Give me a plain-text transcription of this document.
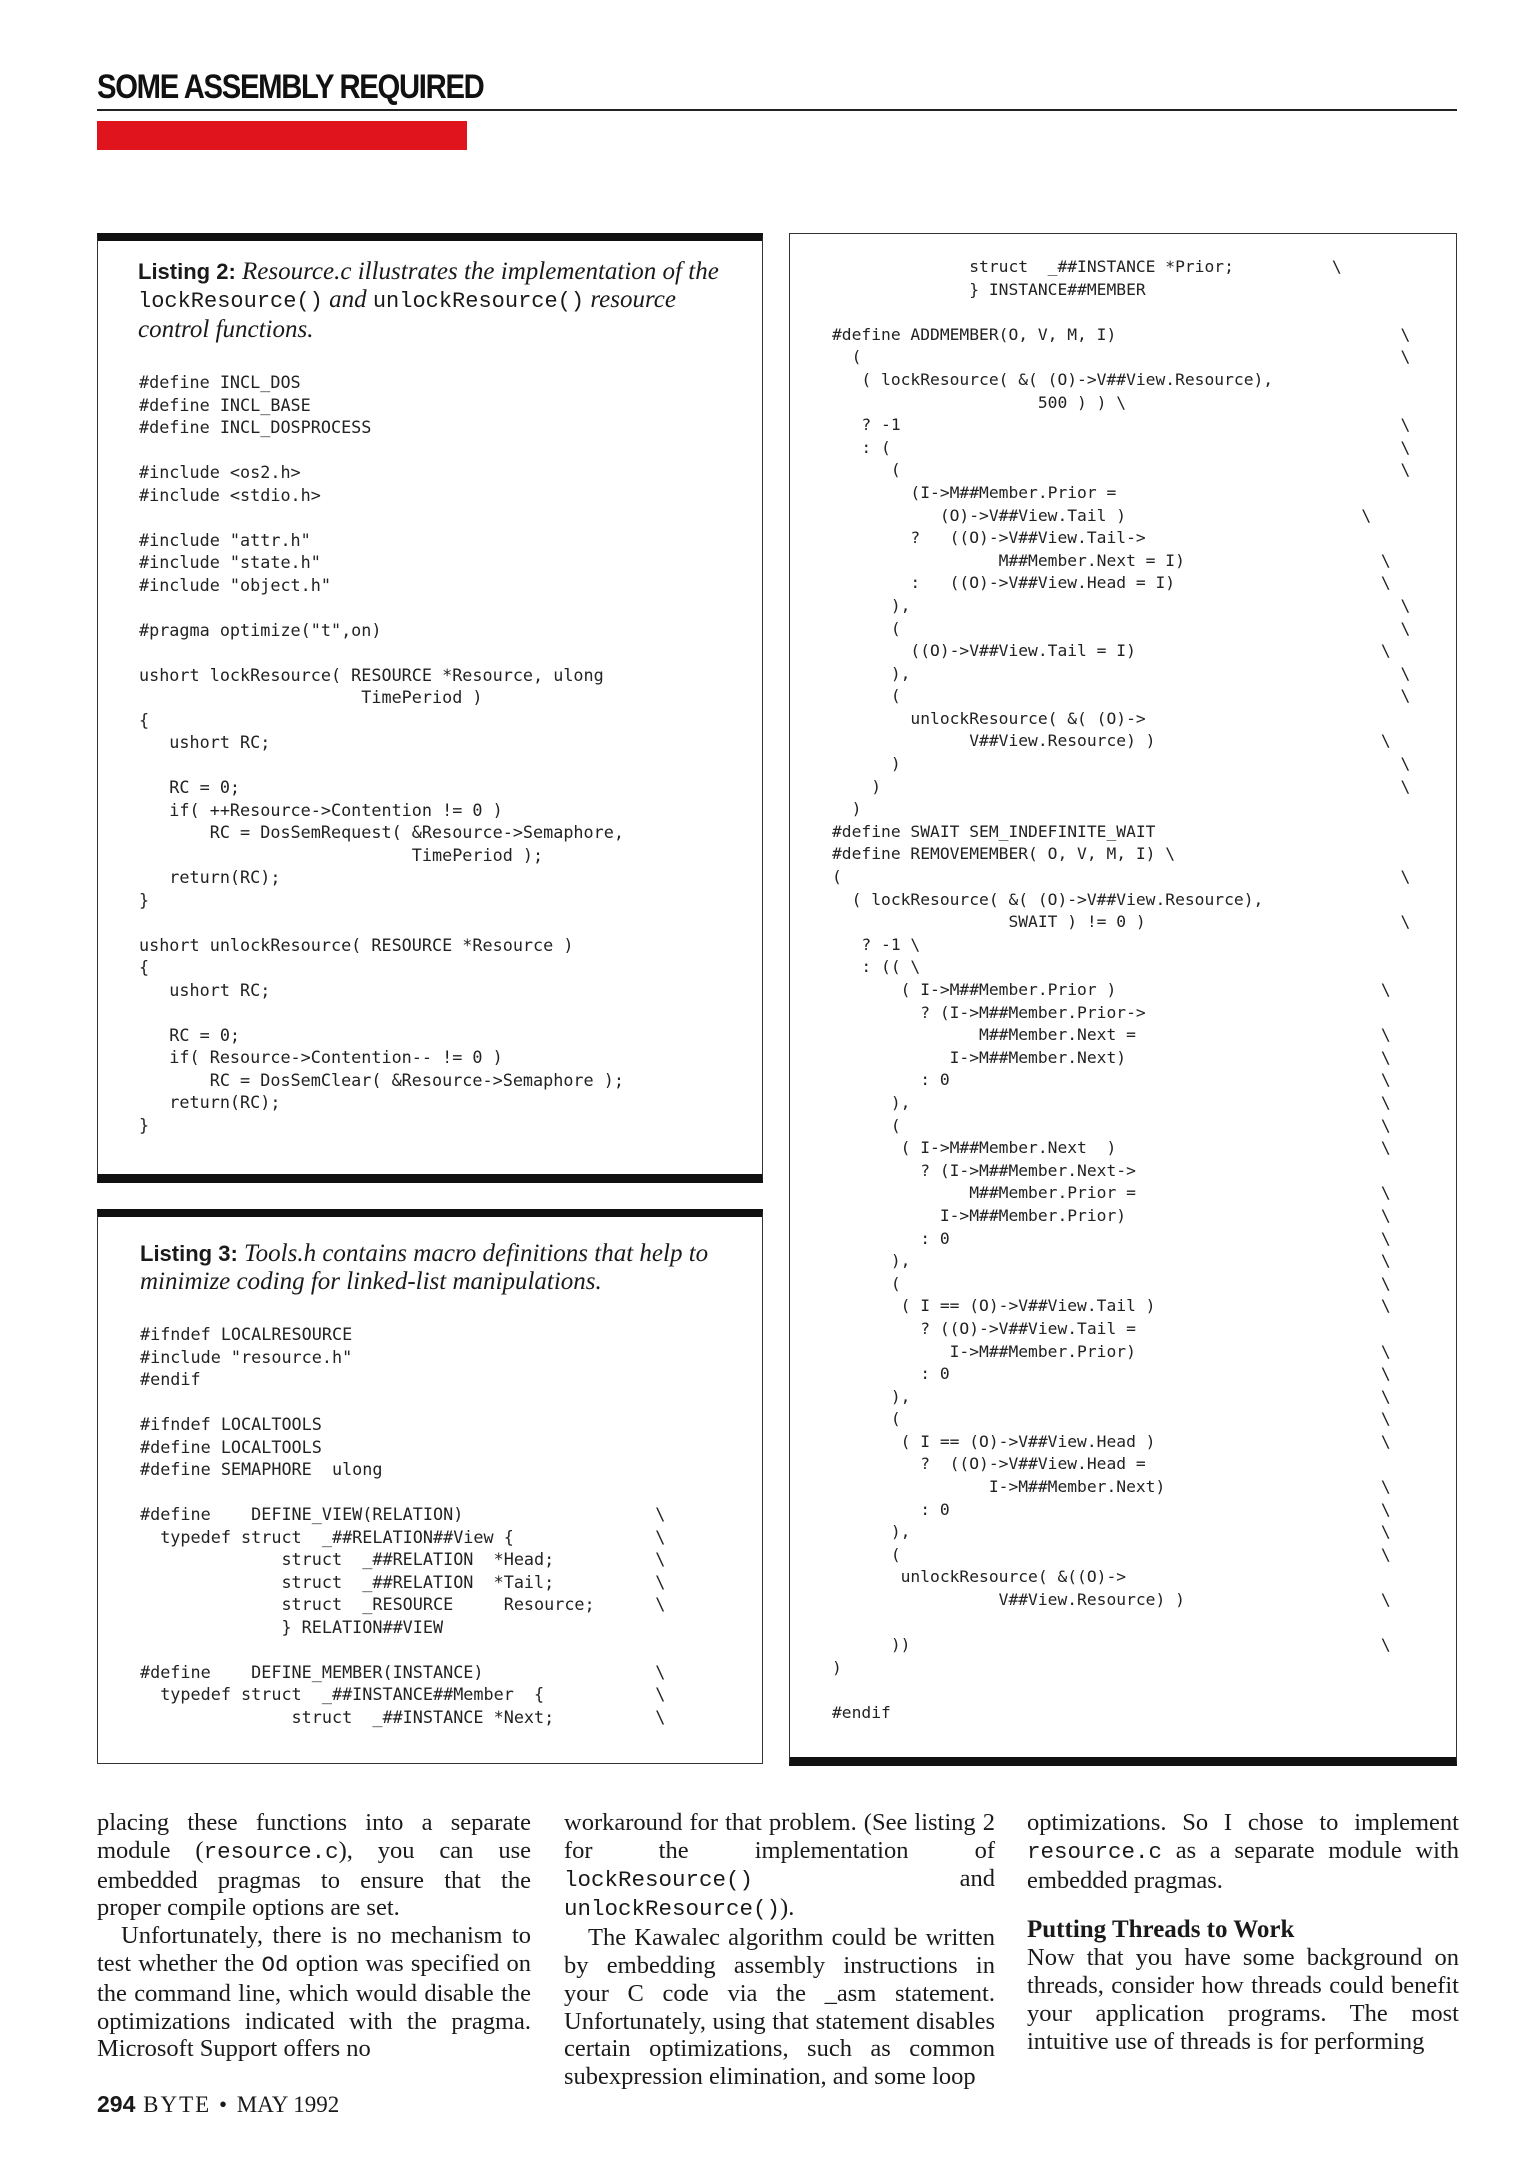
SOME ASSEMBLY REQUIRED
Listing 2: Resource.c illustrates the implementation of the lockResource() and unlockResource() resource control functions.
#define INCL_DOS
#define INCL_BASE
#define INCL_DOSPROCESS

#include <os2.h>
#include <stdio.h>

#include "attr.h"
#include "state.h"
#include "object.h"

#pragma optimize("t",on)

ushort lockResource( RESOURCE *Resource, ulong
TimePeriod )
{
ushort RC;

RC = 0;
if( ++Resource->Contention != 0 )
RC = DosSemRequest( &Resource->Semaphore,
TimePeriod );
return(RC);
}

ushort unlockResource( RESOURCE *Resource )
{
ushort RC;

RC = 0;
if( Resource->Contention-- != 0 )
RC = DosSemClear( &Resource->Semaphore );
return(RC);
}
Listing 3: Tools.h contains macro definitions that help to minimize coding for linked-list manipulations.
#ifndef LOCALRESOURCE
#include "resource.h"
#endif

#ifndef LOCALTOOLS
#define LOCALTOOLS
#define SEMAPHORE  ulong

#define    DEFINE_VIEW(RELATION)                   \
typedef struct  _##RELATION##View {              \
struct  _##RELATION  *Head;          \
struct  _##RELATION  *Tail;          \
struct  _RESOURCE     Resource;      \
} RELATION##VIEW

#define    DEFINE_MEMBER(INSTANCE)                 \
typedef struct  _##INSTANCE##Member  {           \
struct  _##INSTANCE *Next;          \
struct  _##INSTANCE *Prior;          \
} INSTANCE##MEMBER

#define ADDMEMBER(O, V, M, I)                             \
(                                                       \
( lockResource( &( (O)->V##View.Resource),
500 ) ) \
? -1                                                   \
: (                                                    \
(                                                   \
(I->M##Member.Prior =
(O)->V##View.Tail )                        \
?   ((O)->V##View.Tail->
M##Member.Next = I)                    \
:   ((O)->V##View.Head = I)                     \
),                                                  \
(                                                   \
((O)->V##View.Tail = I)                         \
),                                                  \
(                                                   \
unlockResource( &( (O)->
V##View.Resource) )                       \
)                                                   \
)                                                     \
)
#define SWAIT SEM_INDEFINITE_WAIT
#define REMOVEMEMBER( O, V, M, I) \
(                                                         \
( lockResource( &( (O)->V##View.Resource),
SWAIT ) != 0 )                          \
? -1 \
: (( \
( I->M##Member.Prior )                           \
? (I->M##Member.Prior->
M##Member.Next =                         \
I->M##Member.Next)                          \
: 0                                            \
),                                                \
(                                                 \
( I->M##Member.Next  )                           \
? (I->M##Member.Next->
M##Member.Prior =                         \
I->M##Member.Prior)                          \
: 0                                            \
),                                                \
(                                                 \
( I == (O)->V##View.Tail )                       \
? ((O)->V##View.Tail =
I->M##Member.Prior)                         \
: 0                                            \
),                                                \
(                                                 \
( I == (O)->V##View.Head )                       \
?  ((O)->V##View.Head =
I->M##Member.Next)                      \
: 0                                            \
),                                                \
(                                                 \
unlockResource( &((O)->
V##View.Resource) )                    \

))                                                \
)

#endif

placing these functions into a separate module (resource.c), you can use embedded pragmas to ensure that the proper compile options are set.

Unfortunately, there is no mechanism to test whether the Od option was specified on the command line, which would disable the optimizations indicated with the pragma. Microsoft Support offers no

workaround for that problem. (See listing 2 for the implementation of lockResource() and unlockResource()).

The Kawalec algorithm could be written by embedding assembly instructions in your C code via the _asm statement. Unfortunately, using that statement disables certain optimizations, such as common subexpression elimination, and some loop

optimizations. So I chose to implement resource.c as a separate module with embedded pragmas.

Putting Threads to Work

Now that you have some background on threads, consider how threads could benefit your application programs. The most intuitive use of threads is for performing

294 BYTE • MAY 1992
